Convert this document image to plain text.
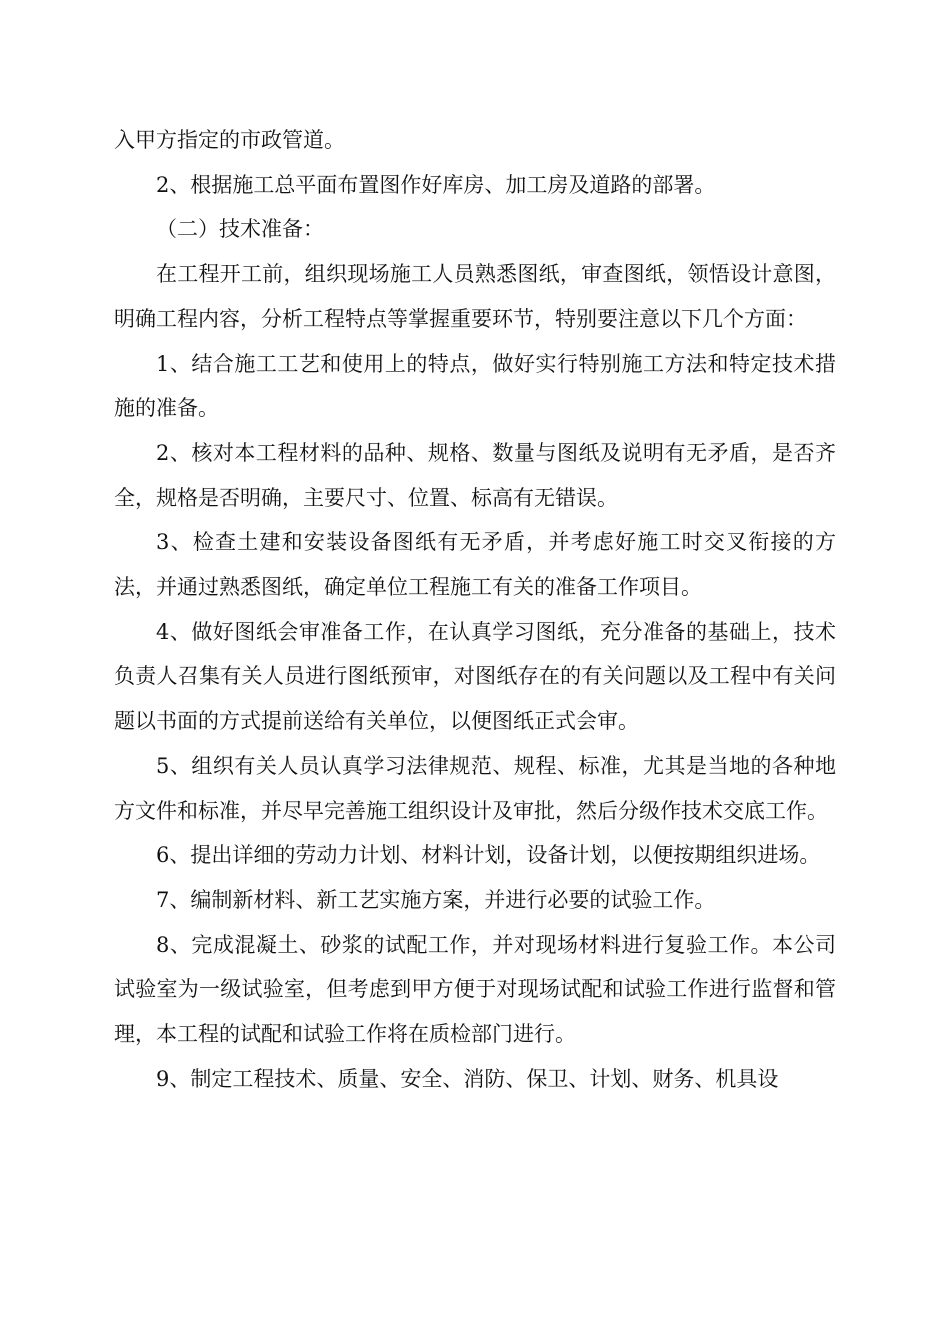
入甲方指定的市政管道。

2、根据施工总平面布置图作好库房、加工房及道路的部署。

（二）技术准备：

在工程开工前，组织现场施工人员熟悉图纸，审查图纸，领悟设计意图，明确工程内容，分析工程特点等掌握重要环节，特别要注意以下几个方面：

1、结合施工工艺和使用上的特点，做好实行特别施工方法和特定技术措施的准备。

2、核对本工程材料的品种、规格、数量与图纸及说明有无矛盾，是否齐全，规格是否明确，主要尺寸、位置、标高有无错误。

3、检查土建和安装设备图纸有无矛盾，并考虑好施工时交叉衔接的方法，并通过熟悉图纸，确定单位工程施工有关的准备工作项目。

4、做好图纸会审准备工作，在认真学习图纸，充分准备的基础上，技术负责人召集有关人员进行图纸预审，对图纸存在的有关问题以及工程中有关问题以书面的方式提前送给有关单位，以便图纸正式会审。

5、组织有关人员认真学习法律规范、规程、标准，尤其是当地的各种地方文件和标准，并尽早完善施工组织设计及审批，然后分级作技术交底工作。

6、提出详细的劳动力计划、材料计划，设备计划，以便按期组织进场。

7、编制新材料、新工艺实施方案，并进行必要的试验工作。

8、完成混凝土、砂浆的试配工作，并对现场材料进行复验工作。本公司试验室为一级试验室，但考虑到甲方便于对现场试配和试验工作进行监督和管理，本工程的试配和试验工作将在质检部门进行。

9、制定工程技术、质量、安全、消防、保卫、计划、财务、机具设
